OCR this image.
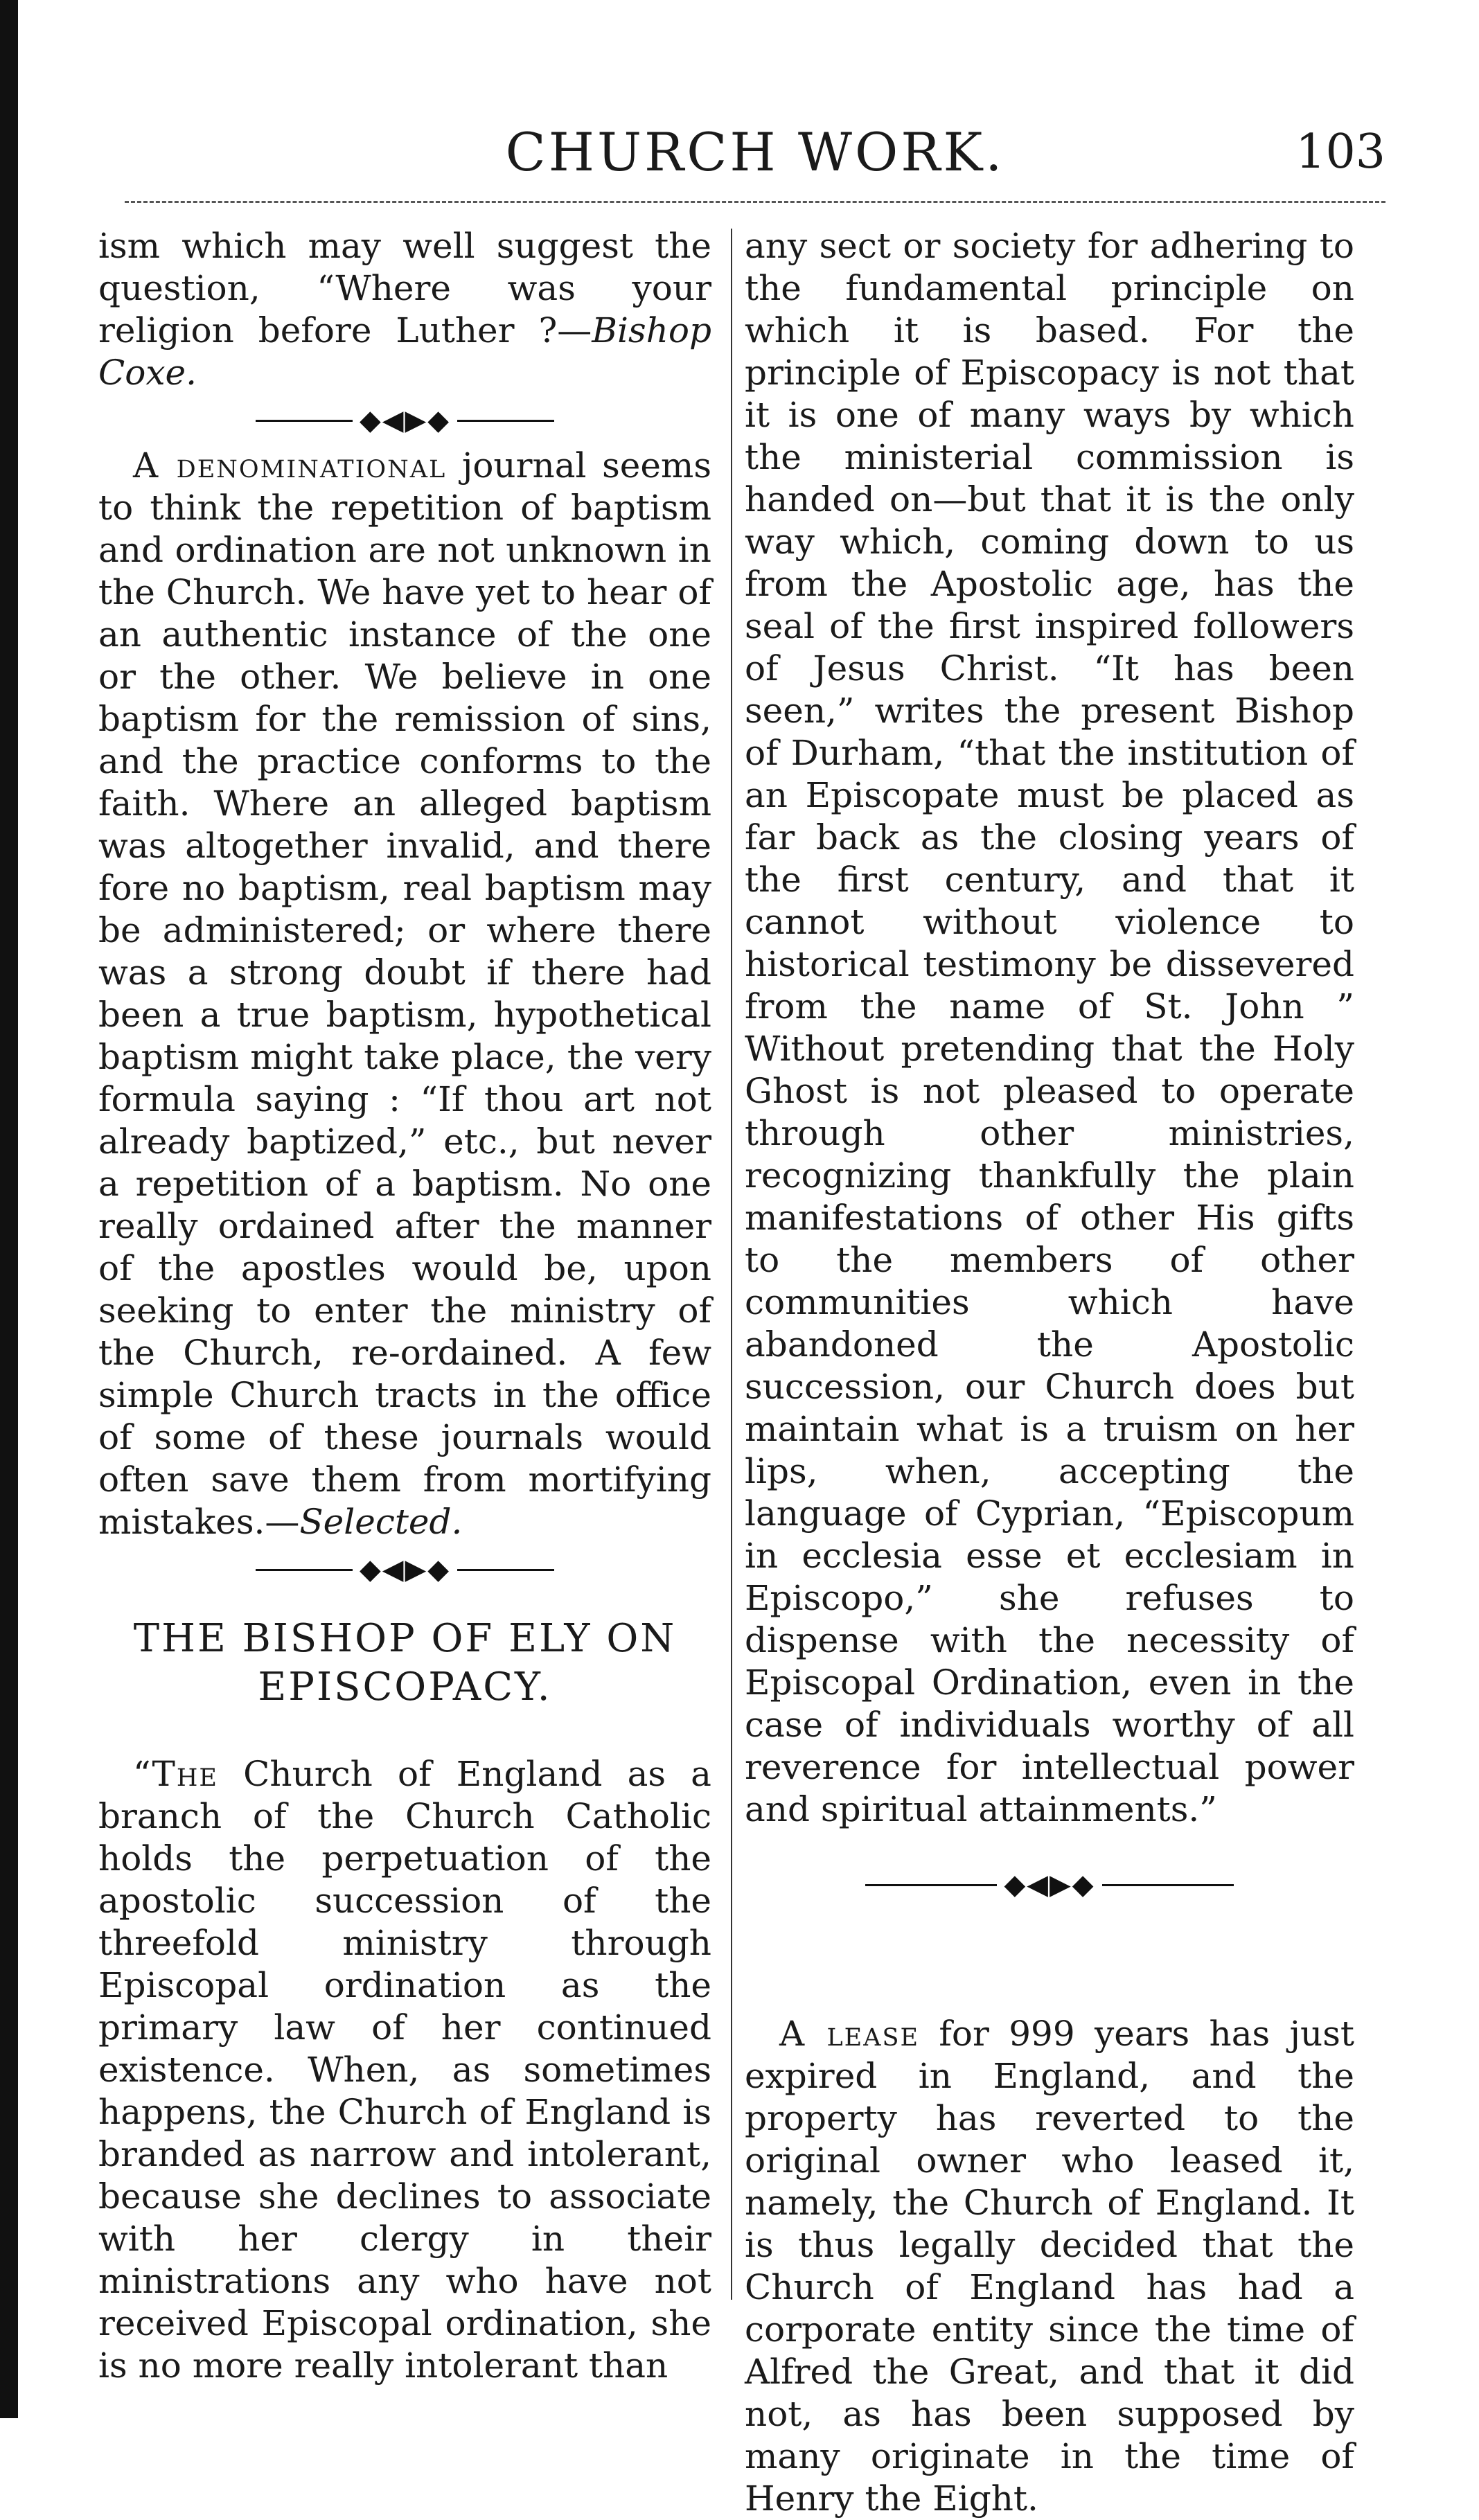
CHURCH WORK.	103

ism which may well suggest the question, “Where was your religion before Luther ?—Bishop Coxe.

◆◀▶◆

A denominational journal seems to think the repetition of baptism and ordination are not unknown in the Church. We have yet to hear of an authentic instance of the one or the other. We believe in one baptism for the remission of sins, and the practice conforms to the faith. Where an alleged baptism was altogether invalid, and there fore no baptism, real baptism may be administered; or where there was a strong doubt if there had been a true baptism, hypothetical baptism might take place, the very formula saying : “If thou art not already baptized,” etc., but never a repetition of a baptism. No one really ordained after the manner of the apostles would be, upon seeking to enter the ministry of the Church, re-ordained. A few simple Church tracts in the office of some of these journals would often save them from mortifying mistakes.—Selected.

◆◀▶◆
THE BISHOP OF ELY ON EPISCOPACY.

“The Church of England as a branch of the Church Catholic holds the perpetuation of the apostolic succession of the threefold ministry through Episcopal ordination as the primary law of her continued existence. When, as sometimes happens, the Church of England is branded as narrow and intolerant, because she declines to associate with her clergy in their ministrations any who have not received Episcopal ordination, she is no more really intolerant than

any sect or society for adhering to the fundamental principle on which it is based. For the principle of Episcopacy is not that it is one of many ways by which the ministerial commission is handed on—but that it is the only way which, coming down to us from the Apostolic age, has the seal of the first inspired followers of Jesus Christ. “It has been seen,” writes the present Bishop of Durham, “that the institution of an Episcopate must be placed as far back as the closing years of the first century, and that it cannot without violence to historical testimony be dissevered from the name of St. John ” Without pretending that the Holy Ghost is not pleased to operate through other ministries, recognizing thankfully the plain manifestations of other His gifts to the members of other communities which have abandoned the Apostolic succession, our Church does but maintain what is a truism on her lips, when, accepting the language of Cyprian, “Episcopum in ecclesia esse et ecclesiam in Episcopo,” she refuses to dispense with the necessity of Episcopal Ordination, even in the case of individuals worthy of all reverence for intellectual power and spiritual attainments.”

◆◀▶◆

A lease for 999 years has just expired in England, and the property has reverted to the original owner who leased it, namely, the Church of England. It is thus legally decided that the Church of England has had a corporate entity since the time of Alfred the Great, and that it did not, as has been supposed by many originate in the time of Henry the Eight.
